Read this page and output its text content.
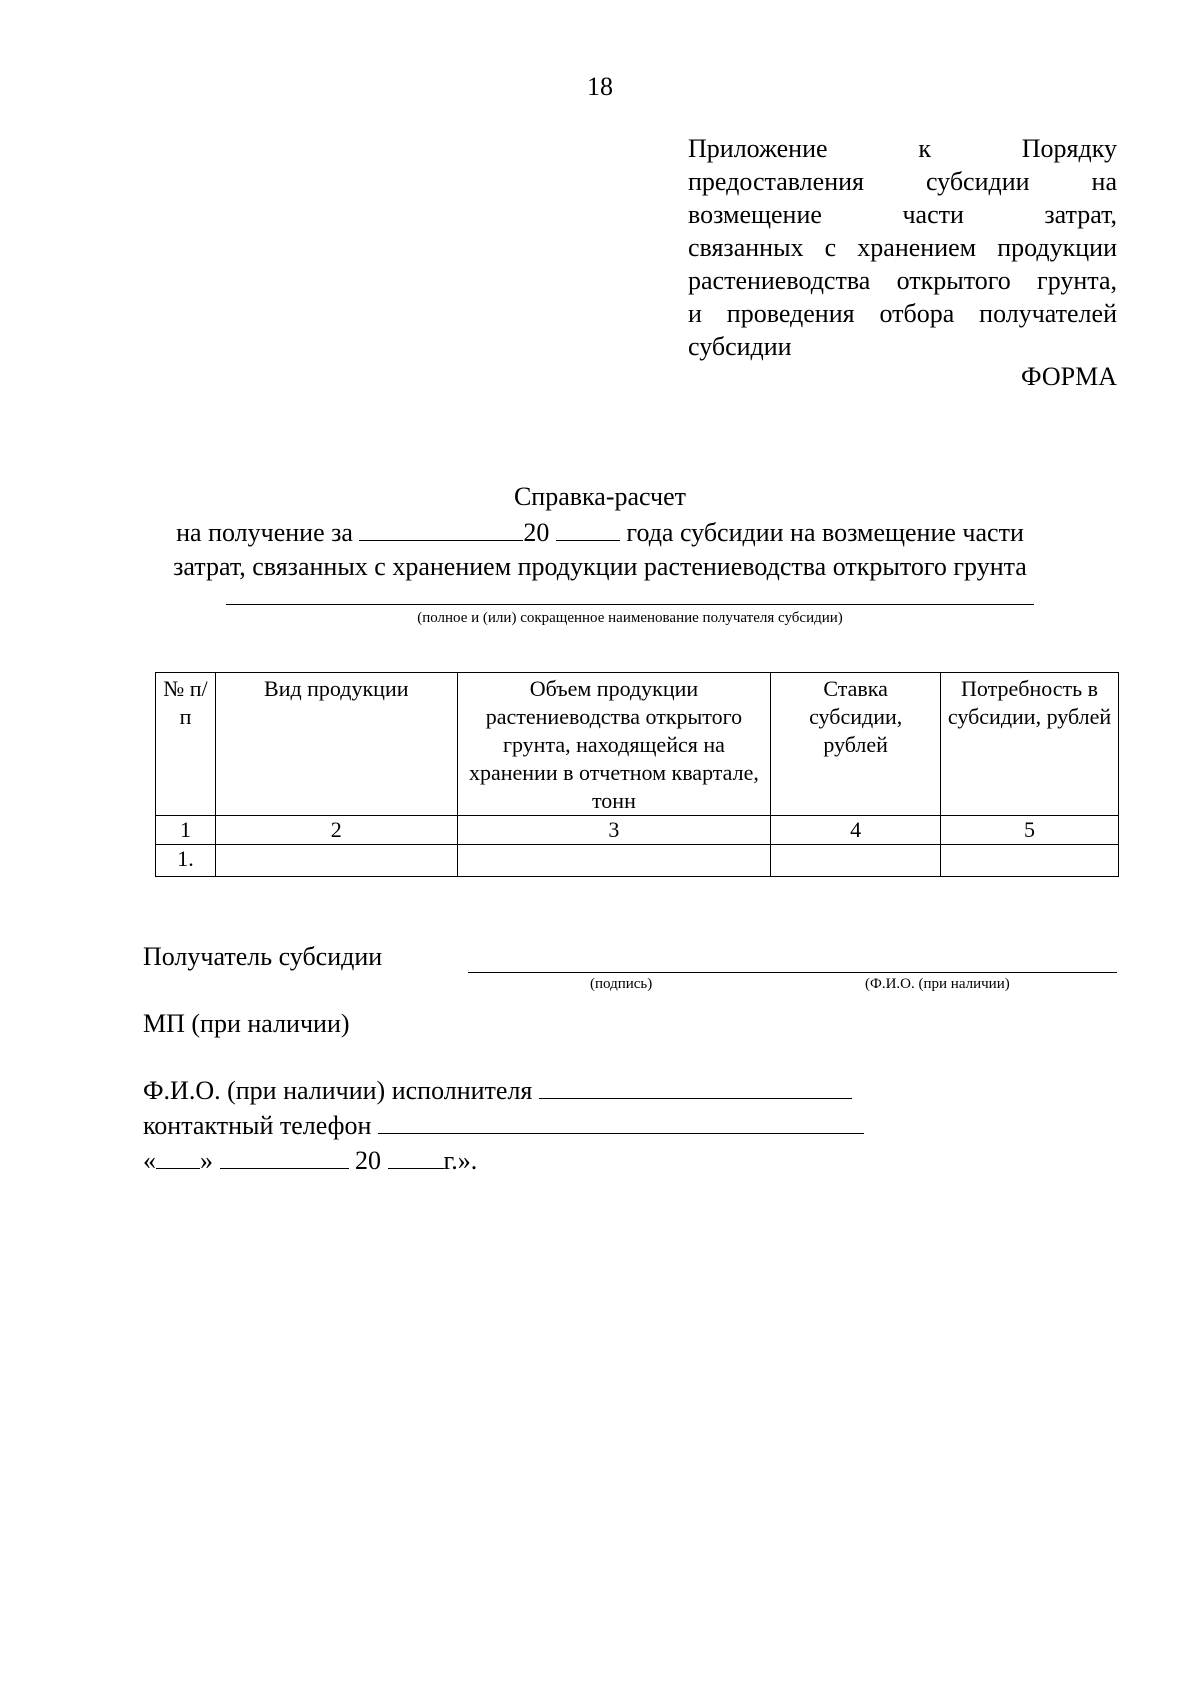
18
Приложение к Порядку
предоставления субсидии на
возмещение части затрат,
связанных с хранением продукции
растениеводства открытого грунта,
и проведения отбора получателей
субсидии
ФОРМА
Справка-расчет
на получение за	20	года субсидии на возмещение части
затрат, связанных с хранением продукции растениеводства открытого грунта
(полное и (или) сокращенное наименование получателя субсидии)
№ п/п	Вид продукции	Объем продукции растениеводства открытого грунта, находящейся на хранении в отчетном квартале, тонн	Ставка субсидии, рублей	Потребность в субсидии, рублей
1	2	3	4	5
1.				
Получатель субсидии
(подпись)	(Ф.И.О. (при наличии)
МП (при наличии)
Ф.И.О. (при наличии) исполнителя
контактный телефон
« »	20 г.».
